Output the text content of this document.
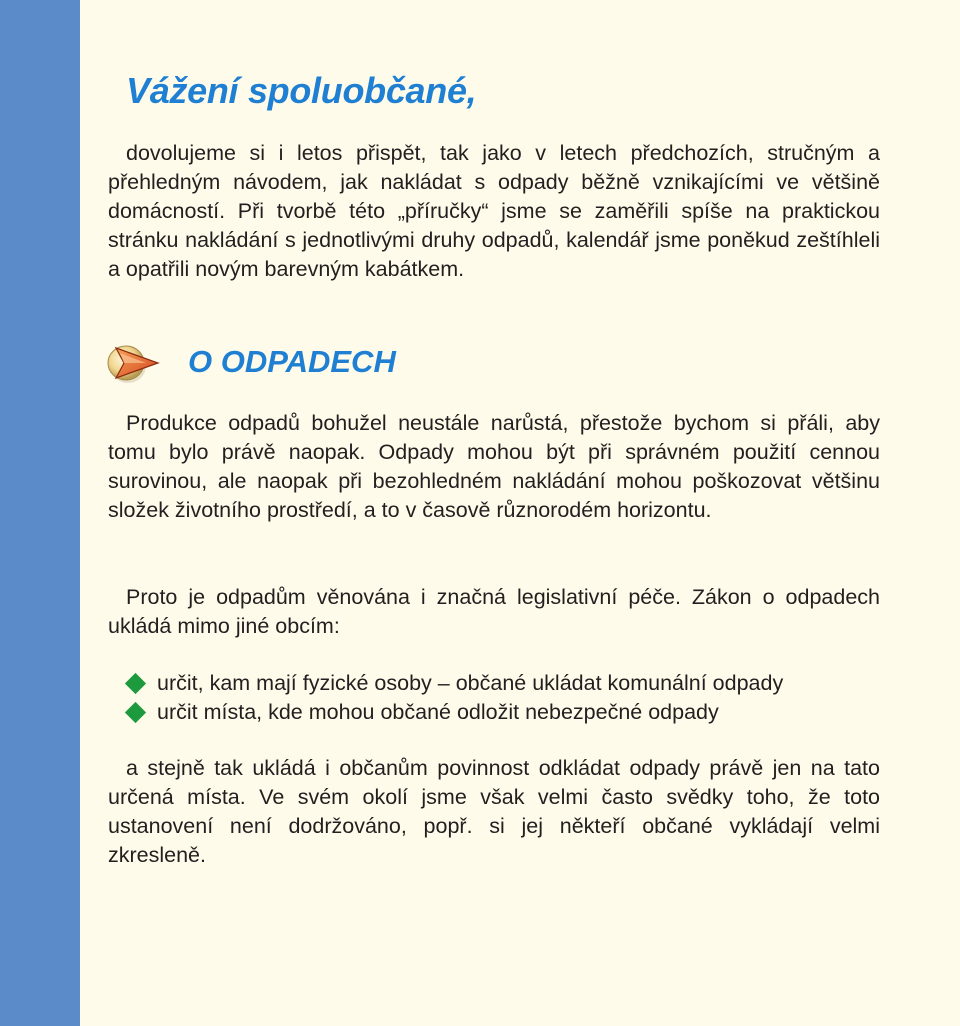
Vážení spoluobčané,

dovolujeme si i letos přispět, tak jako v letech předchozích, stručným a přehledným návodem, jak nakládat s odpady běžně vznikajícími ve většině domácností. Při tvorbě této „příručky“ jsme se zaměřili spíše na praktickou stránku nakládání s jednotlivými druhy odpadů, kalendář jsme poněkud zeštíhleli a opatřili novým barevným kabátkem.

O ODPADECH

Produkce odpadů bohužel neustále narůstá, přestože bychom si přáli, aby tomu bylo právě naopak. Odpady mohou být při správném použití cennou surovinou, ale naopak při bezohledném nakládání mohou poškozovat většinu složek životního prostředí, a to v časově různorodém horizontu.

Proto je odpadům věnována i značná legislativní péče. Zákon o odpadech ukládá mimo jiné obcím:

určit, kam mají fyzické osoby – občané ukládat komunální odpady
určit místa, kde mohou občané odložit nebezpečné odpady

a stejně tak ukládá i občanům povinnost odkládat odpady právě jen na tato určená místa. Ve svém okolí jsme však velmi často svědky toho, že toto ustanovení není dodržováno, popř. si jej někteří občané vykládají velmi zkresleně.
